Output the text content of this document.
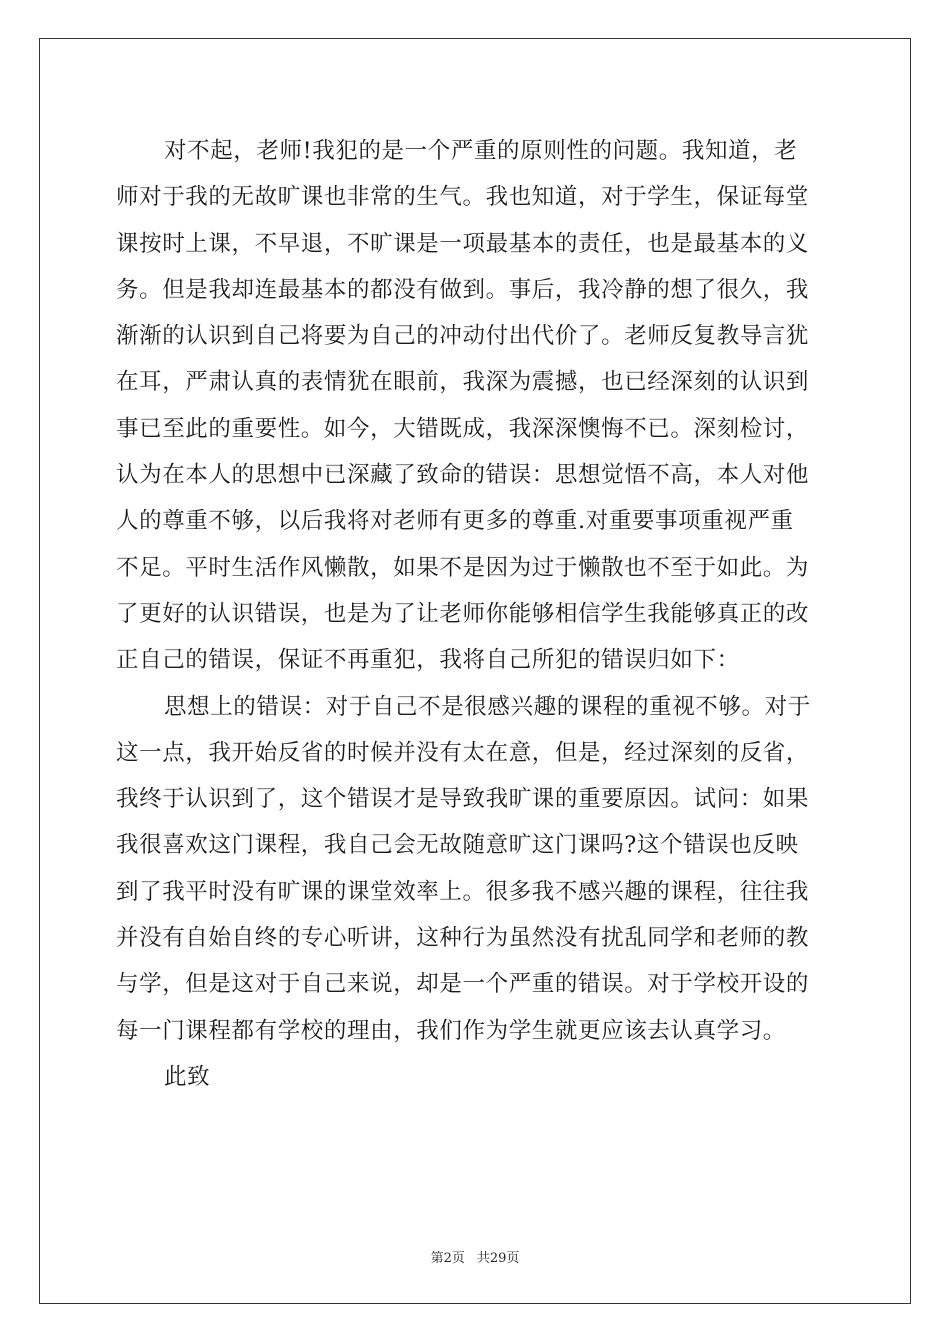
对不起，老师!我犯的是一个严重的原则性的问题。我知道，老
师对于我的无故旷课也非常的生气。我也知道，对于学生，保证每堂
课按时上课，不早退，不旷课是一项最基本的责任，也是最基本的义
务。但是我却连最基本的都没有做到。事后，我冷静的想了很久，我
渐渐的认识到自己将要为自己的冲动付出代价了。老师反复教导言犹
在耳，严肃认真的表情犹在眼前，我深为震撼，也已经深刻的认识到
事已至此的重要性。如今，大错既成，我深深懊悔不已。深刻检讨，
认为在本人的思想中已深藏了致命的错误：思想觉悟不高，本人对他
人的尊重不够，以后我将对老师有更多的尊重.对重要事项重视严重
不足。平时生活作风懒散，如果不是因为过于懒散也不至于如此。为
了更好的认识错误，也是为了让老师你能够相信学生我能够真正的改
正自己的错误，保证不再重犯，我将自己所犯的错误归如下：
思想上的错误：对于自己不是很感兴趣的课程的重视不够。对于
这一点，我开始反省的时候并没有太在意，但是，经过深刻的反省，
我终于认识到了，这个错误才是导致我旷课的重要原因。试问：如果
我很喜欢这门课程，我自己会无故随意旷这门课吗?这个错误也反映
到了我平时没有旷课的课堂效率上。很多我不感兴趣的课程，往往我
并没有自始自终的专心听讲，这种行为虽然没有扰乱同学和老师的教
与学，但是这对于自己来说，却是一个严重的错误。对于学校开设的
每一门课程都有学校的理由，我们作为学生就更应该去认真学习。
此致
第2页 共29页
